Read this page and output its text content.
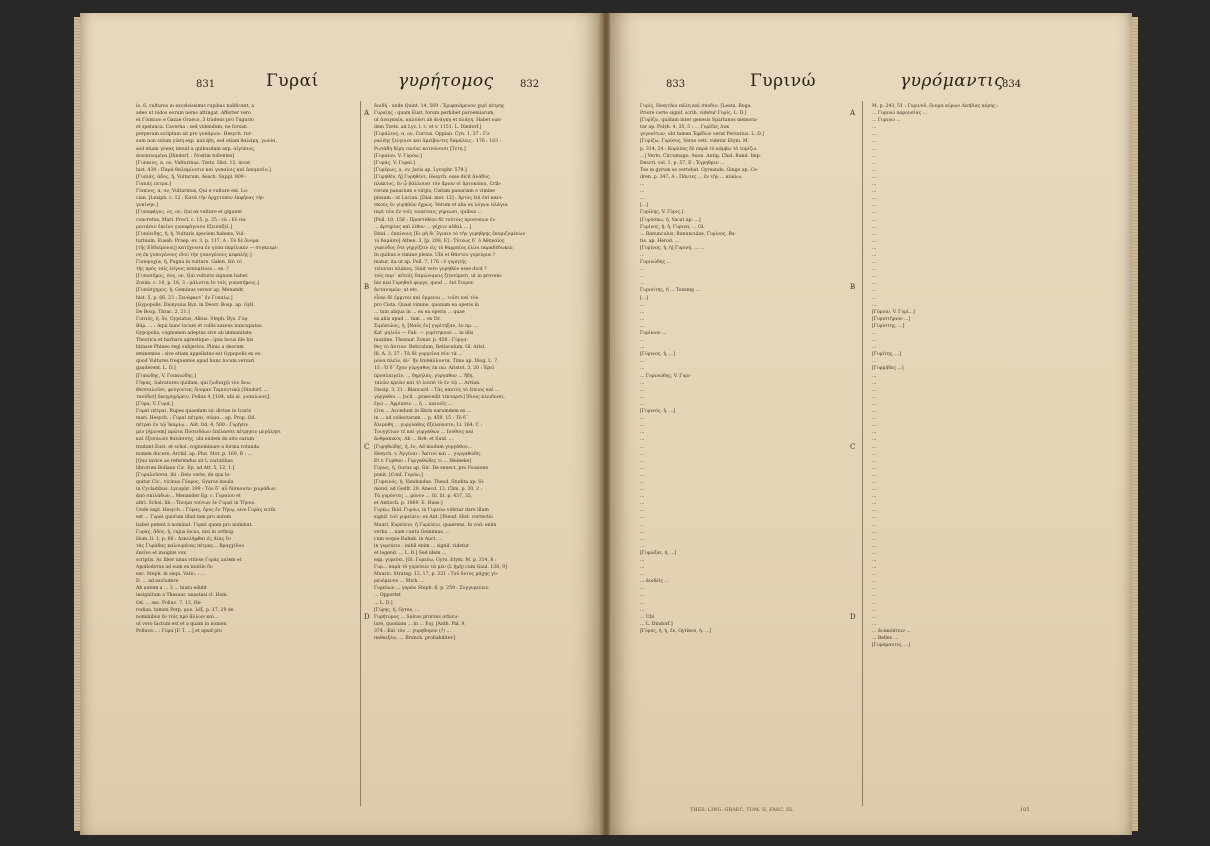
831	Γυραί	γυρήτομος	832
io, 6, vultures in excelsissimis rupibus nidificant, a
adeo ut nidos eorum nemo attingat. Afferter vero
et Γύπαιον e Gazae Graeco, 3 tradens pro Tugurio
et spelunca. Caverna : sed videndum, ne forsan
perperam scriptum sit pro γυπάριον. Hesych. rur-
sum non solum γύπη exp. καλύβη, sed etiam θαλάμη, γωνία,
sed etiam γύπας innuit a quibusdam exp. αἰγύπιος,
άνεπαυομένα [Dindorf. : Nostim tollentes]
[Γυπαιος, α, ον, Vulturinus. Tzetz. Hist. 12, incer.
hist. 439 : Παρά θαλαμίοισιν καί γυπαίοις καί ἀπομισῖο.]
[Γυπιάς, άδος, ἡ, Vulturum, Aesch. Suppl. 809 :
Γυπιάς πετρα.]
Γύπειος, α, ον, Vulturinus, Qui e vulture est. Lu-
cian. [Lexiph. c. 12 : Κατά τὴν ἀρχετύπον ἐκφήνας τὴν
γυπίνην.]
[Γυποφάγος, ος, ον, Qui ex vulture et gigante
concretus. Mari. Procl. c. 15, p. 35 : τὰ : Εὐ πα-
ροιτάσιν ἐκεῖνο γυποφάγοιον ἐξεισαξεῖ.]
[Γυπόειδης, ἡ, ἡ, Vulturis speciem habens, Vul-
turinum. Euseb. Praep. ev. 3, p. 117, A : Τὸ δὲ ὄνομα
[τῆς Εὐδαίμονος] κατέχουσα ἐν γύπα πεφίλικεν — συγκειμέ-
νη ἐκ γυπογένους ιδού τὴν γυπογένους κεφαλῆς.]
Γυπορυχία, ἡ, Pugna in vulture. Galen. ἐπὶ τὸ
τῆς πρὸς ταῖς λόγοις πεπομένων... ex. ?
[Γυποσήμος, συς, ον, Qui vulturis signum habet.
Zosim. c. 10, p. 16, 3 : μάλιστα ἐν τοῖς γυποσήμοις.]
[Γυπόσχημος, ἡ, Geminus versor ap. Menandr.
hist. 5, p. 66, 23 : Ξενόφαντ᾽ ἐν Γυπαίῳ.]
[Gypopolis. Dionysius Byz. in Descr. Bosp. ap. Gyll.
De Bosp. Thrac. 2, 21.]
Γυπτός, ἡ, ὄν, Gypsatus, Albus. Steph. Byz. Γύψ
Βάρ. ... : Aqui hunc locum et collis saxeus nuncupatus
Gypopolis, cognomen adeptus sive ab immanitate
Theorica et barbara agrestique : ipsa locus ille his
bitasse Phineo regi subjectos. Plinio a deorum
eminentes : sive etiam appellatus est Gypopolis ex eo
quod Vultures frequentes apud hunc locum versari
gauderent. L. D.]
[Γυπώδης, V. Γυπαιώδης.]
Γύψας, Salvatores quidam, qui ζωδιαχῷ τὸν ἄνω
Θεσσαλοῦσι, φεύγοντας ὄνομαν Ταμιευτικῷ [Dindorf. ...
τανίδεσ] ἐκεγρηγόρειν, Pollux 4, [104, ubi al. γυπαίωνες].
[Γύρα, V. Γυρά.]
Γυραὶ πέτραι, Rupes quaedam sic dictae in Icario
mari. Hesych. : Γυραὶ πέτραι, σῶμα... ap. Prop. Od.
πέτραι ἐν τῷ Ἰκαρίῳ... Ald. Od. 4, 500 : Γυρῇσιν
μὲν [Ajacem] πρῶτα Ποσειδάων ἐπέλασσε πέτρῃσιν μεγάλῃσι
καὶ ἐξεσάωσε θαλάσσης, ubi eiidem de situ earum
tradunt Eust. et schol. cognominare a forma rotunda
nomen ducere. Archil. ap. Plut. Mor. p. 169, B : ...
[Quo invice ao referendus sit L variatibus
librorum Bollano Cic. Ep. ad Att. 5, 12, 1.]
[Γυραλοῦσσα, ibi : Delo certe, de qua lo-
quitur Cic., vicinus Γύαρος. Gyaros insula
in Cycladibus. Lycophr. 399 : Τὸν δ᾽ αὖ δίσκοισιν χοιράδων
ἀπὸ σπιλάδων... Menander Ep. c. Γυραίου et
altri. Schol. lib. : Ὄνομα τούτων ἐν Γυραί in Τῆνον.
Unde expl. Hesych. : Γύρας, ὄρος ἐν Τήνῳ, sive Γυρὰς scrib.
est ... Γυραὶ quorum illud tam pro autem
habet petent à nominat. Γυραί quam pro nominat.
Γυρὰς, ἄδος. ἡ, cujus locus, nisi in orthog.
Hom. ll. 1, p. 66 : Δεκελήφθαι ἐς Δίας ἐν
τὰς Γυράδας καλουμένας πέτρας... Βραγχίδου
ἐκεῖνο et insignis vox
scriptis. Ac liber unus vitiose Γυρὰς autem et
Apollodorus ad eum ex mutilo δυ
exc. Steph. in sequ. Vatic. : ...
D. ... ad excludere
Ab autem a ... 3 ... hiatu edidit
insignitum a Thesaur. anastasi cl. Hom.
Od. ... sec. Polluc. 7, 13, He-
rodian. tamen Perp. μον. λέξ. p. 17, 29 de
nominibus ἐν τοῖς πρὸ ἄλλων καὶ...
ut vero factum est et a quam in nomen
Polluce... : Γύρα [F. Ἰ. ...] et apud pro
A
B
C
D
ἀοιδῆ : unde Quint. 14, 569 : Ἐριφπιάμενον χερὶ πέτρης
Γυραίης : quam Eust. forum perhibet paroemiarum,
ut ἀναγκαία, καλούσι ab ἀνάγκη et πλάγη. Habet ean-
dem Tzetz. ad Lyc. l. c. et v. 1151. L. Dindorf.]
[Γυράλεος, α, ον, Curvus. Oppian. Cyn. 1, 37 : Γυ-
ραλέης ζεύγοισι καί ἀμείβοντες δαμάλεις : 176 : 183 :
Ρωτάδη δέρη τανύει κοτνόνοισι [Τετη.]
[Γυραίου. V. Γυρόω.]
[Γυράς, V. Γυραί.]
[Γυρέρως, a, ov, Javis ap. Lycophr. 579.]
[Γυρηθέν, ἡ] Γυρηθέντ, Hesych. esse dicit ἀνάδυς
πλάκτος, ἐν ᾧ βάλλουσι τὸν ἄριον οἱ ἀρτοκόποι, Crib-
rorum panarium e virgis, Cistam panariam e vimine
plexam : ut Lucian. [Dial. mer. 12] : Ἀρτος ἐπὶ ἐπὶ κανι-
σκούς ἐν γυρηθῶν ἐχρώς. Verum et alia ex λόγων πλάγια
περὶ τῶν ἐν τοῖς τοιαύταις γηρεωσι, quibus ...
[Poll. 10, 158 : Προστιθέον δὲ τούτοις προσοσων ἐν
... ἀρτηρίας καὶ λίθον ... γέχειν αἰθαλ ... ]
Dind. : ἐπαίνους [Ει μὴ δι᾽ὕγιαιν τὸ τὴν γυρηθρης ἐκομιζομένων
τὸ δαμάσο] Athen. 3, [p. 208, E] : Τὐτεως δ᾽ ὁ Ἀθηναῖος
γυρεύδος ὅτε γηργίζειν εἰς τὸ θαρραῖος ἐλίοι παραδέδωκεν,
In quibus e vimine plexis. Ubi et Θάστευ γυρεύρια ?
matur, ita ut ap. Poll. 7, 176 : ὁ γυρητῆς
τεῖνεται πλάκος. Sinit vero γυρηθῶν esse dicit ?
τοῖς παρ᾽ αὐτοῖς δαμώνυμοις ζητούμεσι, ut in provem-
bio nisi Γυρηθοῦ φυργε, quod ... ἐπὶ ἕτερον
ἀντανυμῶν, ut etc.
εἶναι δὲ ἐμμιτοι καὶ ἐμμενοι ... τοῖσι καὶ τὸν
pro Cista. Quasi vimine, quonam ea operis in
... tum aliqua in ... ex ea operis ... quae
ex aliis apud ... tum ... ex Dr.
Σιμόπυλος, ἡ, [Ναὸς ἐν] γυρίτηξαν, ἐν πρ. ...
Kal' μηλοῖο — Fab. — γυρίτηκουν ... in illis
maxime. Thesaur. Zonar. p. 458 : Γύργα-
θος τὸ ἀντιον. Reticulum, Retiaculum. Gl. Arist.
Ill. A. 3, 27 : Τὰ δὲ γυργεῖνα σὺν τὰ ...
μόνα πλεῖν, ἀν᾽ ἣν ἐπιθάλλοντα. Timo ap. Diog. L. 7,
15 : Ὁ δ᾽ ἔχον γύργαθος ἐκ πώ. Aristot. 3, 20 : Ἐρεῖ
προσλαιγεῖν, ... δηρηλάς, γύργαθον ... ἤδη,
ταλῶν κρεῶν καὶ τὸ λοιπὸ τὸ ἐν τῷ ... Arrian.
Dissip. 3, 21 : Blancard. : Τὰς παντὸς τὸ ἑπειος καὶ ...
γύργαθοι ... [scil. : praecedit τέκταρσι] ἴδιοις κλειδοισι,
ἐγώ ... Ἀρρίασιν ... ἡ ... καινοῖς ...
εῖτα ... Accedunt in libris earumdem ex ...
in ... ad collectarum ... p. 459, 15 : Τὸ δ᾽
ἄλιμοθη ... γυργύαθος ἐξελαύνετο, Ll. 164, C :
Τουγγίτων τέ καὶ γυργάθων ... Ιουθσις καὶ
ἀνθρακικός. Ab ... Βεθ. et Suid. ...
[Γυρηθώδης, ἡ, ἐν, Ad modum γυργάθου...
Hesych. v. Ἀγγίναι : Ἀκτινὶ καὶ ... γυργαθώδη.
Et v. Γυρθαν : Γυργαθώδες τι ... Meineke]
Γύρως, ἡ, Gurus ap. Gic. De senect. pro Fossione
ponit. [Conf. Γυρόω.]
[Γυρεινός, ἡ, Vandondus. Theod. Studita ap. Si-
mond, ad Godfr. 29. Anecd. 13. Clim. p. 30, 2 :
Τὰ γυρόντες ... μόνον ... Gl. lit. p. 437, 35,
et Antioch. p. 1069, E. Hase.]
Γυρέω, Ibid. Γυρόω, in Γυρεύω videtur dare illum
signif. τοῦ γυρεύειν: ex Ant. [Pseud. Hist. correctio
Mauri, Κυρεύειν, ἡ Γυρεύειν, quaerens. In cod. enim
verba ... nam cuntu Geinimus, ...
cum eoque Ruhnk. in Auct. ...
in γυρεύειν : inibil enim ... signif. videtur
et legend. ... L. D.] Sed idem ...
exp. γυρεύει. [Gl. Γυρεύω, Gyro. Etym. M. p. 314, 8 :
Γυρ... παρὰ τὸ γυρεύειν τὰ μέν (L ἡμὴ) cum Gaul. 138, 9]
Mauric. Strateg. 12, 17, p. 321 : Τοῦ ὄντος μάχης γυ-
ρευόμενον ... Mich. ...
Γυρεύων ... γυρῶν Steph. 6, p. 259 : Συγγυρεύειν
... Opportet
... L. D.]
[Γύρης, ἡ, Gyres, ...
Γυρήτομος ... Sulcos prorsus orbicu-
lare, quoniam ... in ... Eoj. [Anth. Pal. 9,
374 : Καί τὸν ... γυρηθομον (?) ...
παθαιξέω, ... Brunck. probabiliter.]
833	Γυρινώ	γυρόμαντις
834
Γυρίς, Hesychio πάλη καὶ σποδιν. [Leeta, Roga.
Priore certe signif. scrib. videtur Γυρίς. L. D.]
[Γυρίζω, quidam inter genesis Spartanos memora-
tur ap. Polyb. 4, 35, 5 : ... Γυρίδες Λυκ
γεγονέτων, ubi tamen Ἐφέδων verat Persutius. L. D.]
[Γυρίζω, Γυρίσος, Verso vett. videtur Etym. M.
p. 314, 24 : Κορλέας δὲ παρὰ τὸ κάμβω τὸ τομίζω.
...] Verto, Circumago. Auon. Antig. Chal. Rand. Imp.
Descri. vol. 1, p. 57, E : Ἑγρηθρεν ...
Toe in gyrum se vertebat. Gyreando, Gingo ap. Ce-
dren. p. 347, A : Πάντες ... ἐν τὴν ... κύκλω.
...
...
...
[...]
Γυρίλης, V. Γύρις.]
[Γυρόσκω, ἡ, Vacat ap. ...]
Γυρίνος, ἡ, ἡ, Γυρινα, ... Gl.
... Ranunculus, Ranunculae, Γυρίνος, Ba-
tis. ap. Herod. ...
[Γυρίνος, ἡ, ἡ] Γυρινή, ... ...
...
Γυρινώδης ...
...
...
...
Γυρινίτης, ἡ ... Toxemg ...
[...]
...
...
...
...
Γυρίνιον ...
...
...
[Γύρινος, ἡ, ...]
...
...
... Γυρινώδης, V. Γυρι-
...
...
...
...
[Γυρινός, ἡ, ...]
...
...
...
...
...
...
...
...
...
...
...
...
...
...
...
...
...
...
...
[Γυρώξαι, ἡ, ...]
...
...
...
... ἀοιδεῖς ...
...
...
...
...
... Ubi
... L. Dindorf.]
[Γύρος, ἡ, ἡ, ἐν, Gyrinos, ἡ. ...]
A
B
C
D
M. p. 243, 51 : Γυρινοῦ, ὄνομα κύρων Λεσβίας κόρης :
... Γυρινώ παρουσίας ...
... Γυρινώ ...
...
...
...
...
...
...
...
...
...
...
...
...
...
...
...
...
...
...
...
...
...
...
...
...
...
...
[Γύριον, V. Γυρί...]
[Γυριστήριον ...]
[Γυρίστης, ...]
...
...
...
[Γυρίτης, ...]
...
[Γυρμήδες ...]
...
...
...
...
...
...
...
...
...
...
...
...
...
...
...
...
...
...
...
...
...
...
...
...
...
...
...
...
...
...
...
...
...
...
...
...
... ἀνακόπτειν ...
... Beller. ...
[Γυρόμαντις, ...]
THES. LING. GRAEC. TOM. II, FASC. III.	105
